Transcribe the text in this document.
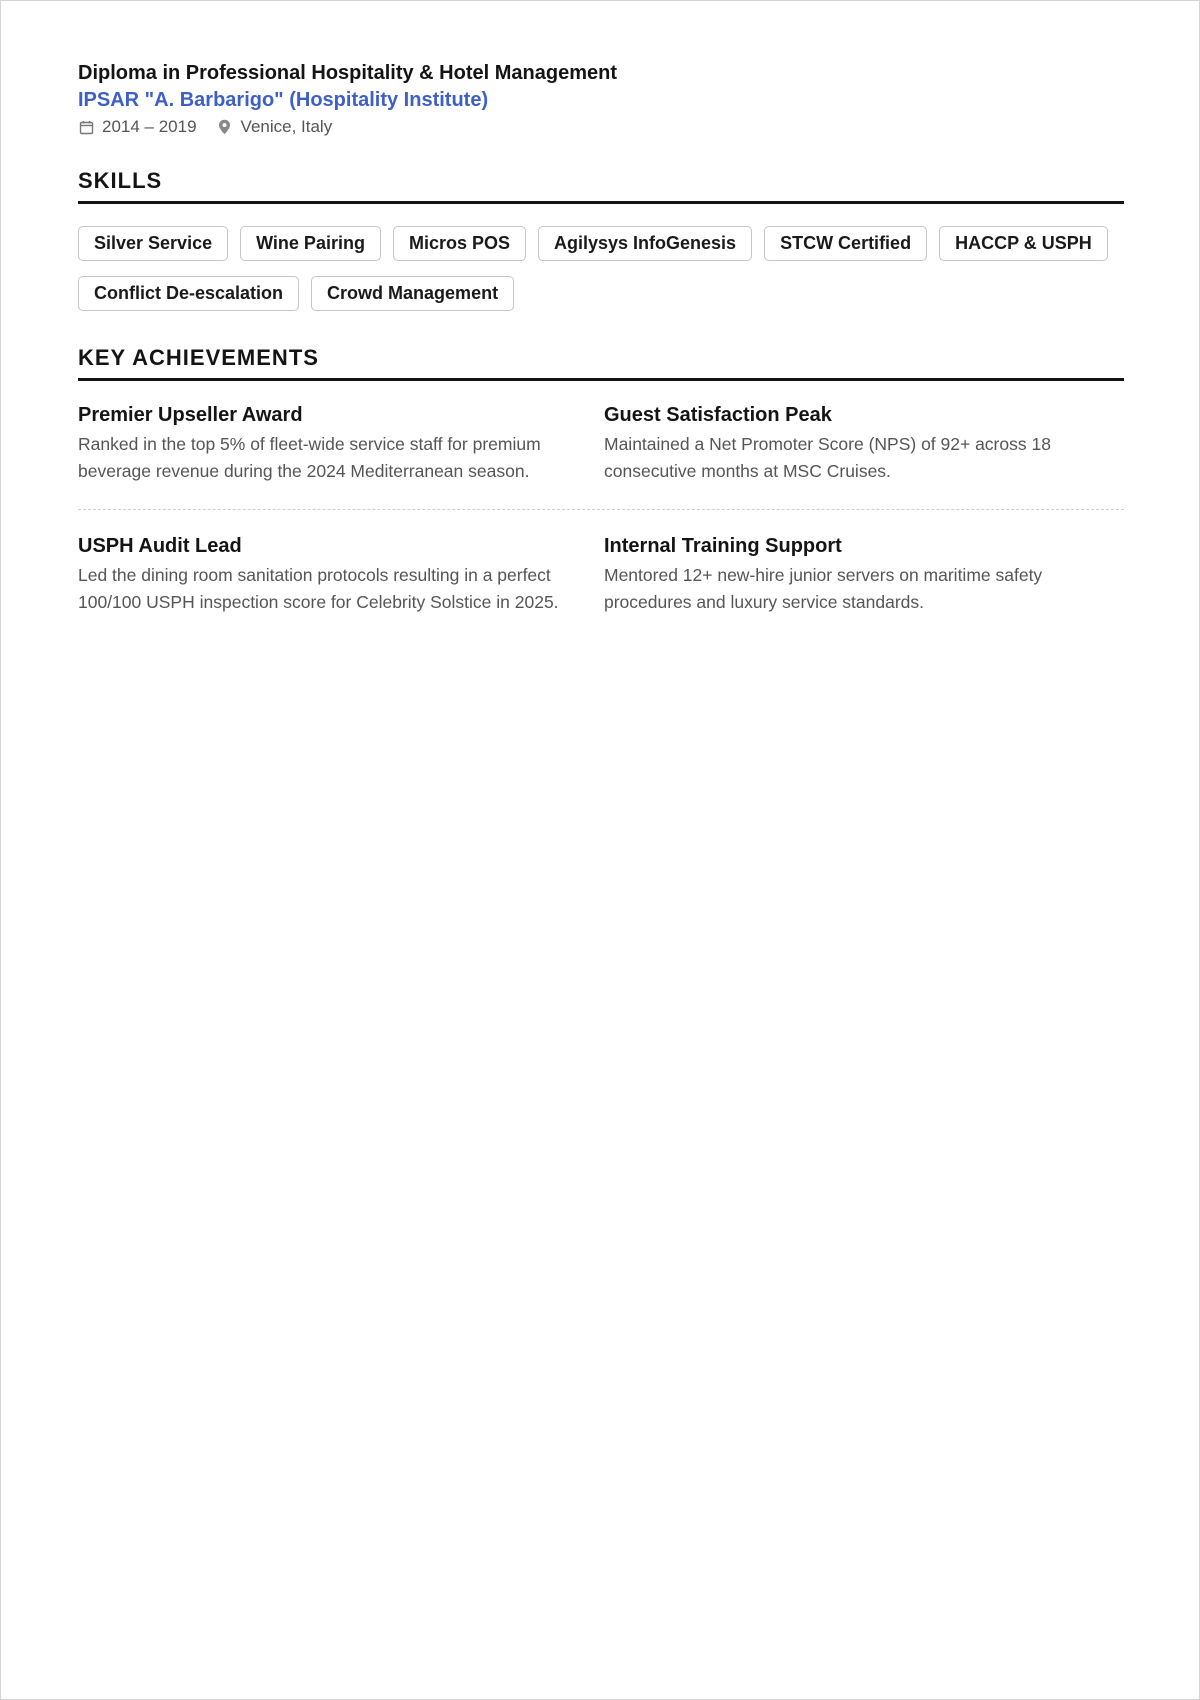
Diploma in Professional Hospitality & Hotel Management

IPSAR "A. Barbarigo" (Hospitality Institute)

2014 – 2019	Venice, Italy
SKILLS
Silver Service	Wine Pairing	Micros POS	Agilysys InfoGenesis	STCW Certified	HACCP & USPH
Conflict De-escalation	Crowd Management
KEY ACHIEVEMENTS

Premier Upseller Award

Ranked in the top 5% of fleet-wide service staff for premium beverage revenue during the 2024 Mediterranean season.

Guest Satisfaction Peak

Maintained a Net Promoter Score (NPS) of 92+ across 18 consecutive months at MSC Cruises.

USPH Audit Lead

Led the dining room sanitation protocols resulting in a perfect 100/100 USPH inspection score for Celebrity Solstice in 2025.

Internal Training Support

Mentored 12+ new-hire junior servers on maritime safety procedures and luxury service standards.
